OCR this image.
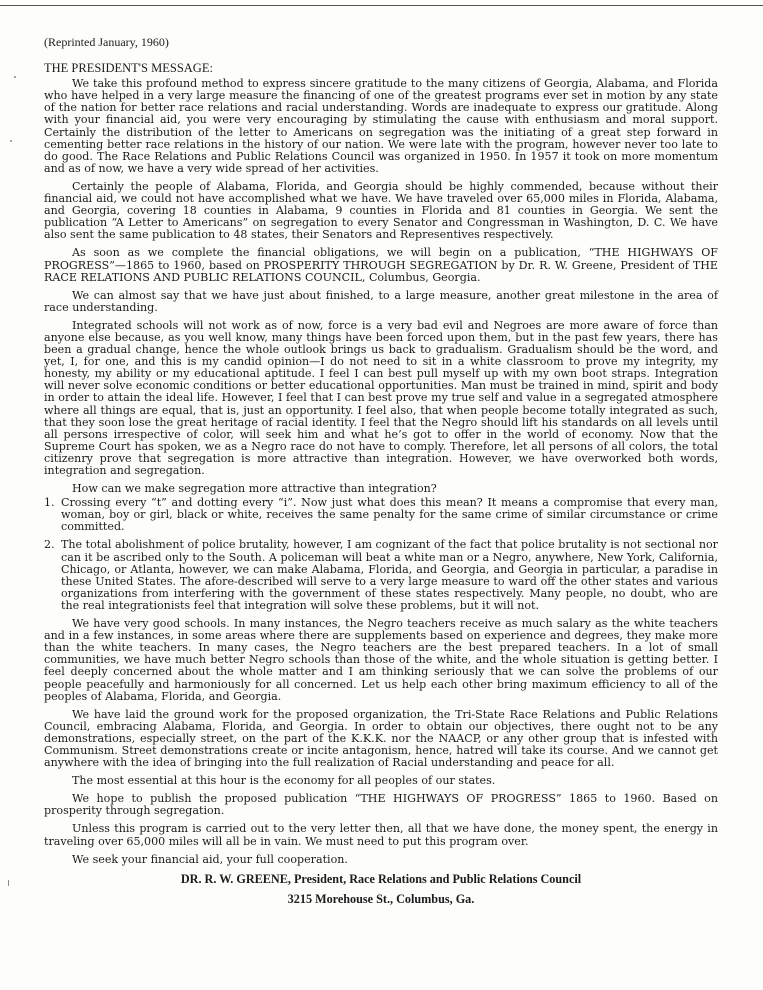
(Reprinted January, 1960)
THE PRESIDENT'S MESSAGE:

We take this profound method to express sincere gratitude to the many citizens of Georgia, Alabama, and Florida who have helped in a very large measure the financing of one of the greatest programs ever set in motion by any state of the nation for better race relations and racial understanding. Words are inadequate to express our gratitude. Along with your financial aid, you were very encouraging by stimulating the cause with enthusiasm and moral support. Certainly the distribution of the letter to Americans on segregation was the initiating of a great step forward in cementing better race relations in the history of our nation. We were late with the program, however never too late to do good. The Race Relations and Public Relations Council was organized in 1950. In 1957 it took on more momentum and as of now, we have a very wide spread of her activities.

Certainly the people of Alabama, Florida, and Georgia should be highly commended, because without their financial aid, we could not have accomplished what we have. We have traveled over 65,000 miles in Florida, Alabama, and Georgia, covering 18 counties in Alabama, 9 counties in Florida and 81 counties in Georgia. We sent the publication “A Letter to Americans” on segregation to every Senator and Congressman in Washington, D. C. We have also sent the same publication to 48 states, their Senators and Representives respectively.

As soon as we complete the financial obligations, we will begin on a publication, “THE HIGHWAYS OF PROGRESS”—1865 to 1960, based on PROSPERITY THROUGH SEGREGATION by Dr. R. W. Greene, President of THE RACE RELATIONS AND PUBLIC RELATIONS COUNCIL, Columbus, Georgia.

We can almost say that we have just about finished, to a large measure, another great milestone in the area of race understanding.

Integrated schools will not work as of now, force is a very bad evil and Negroes are more aware of force than anyone else because, as you well know, many things have been forced upon them, but in the past few years, there has been a gradual change, hence the whole outlook brings us back to gradualism. Gradualism should be the word, and yet, I, for one, and this is my candid opinion—I do not need to sit in a white classroom to prove my integrity, my honesty, my ability or my educational aptitude. I feel I can best pull myself up with my own boot straps. Integration will never solve economic conditions or better educational opportunities. Man must be trained in mind, spirit and body in order to attain the ideal life. However, I feel that I can best prove my true self and value in a segregated atmosphere where all things are equal, that is, just an opportunity. I feel also, that when people become totally integrated as such, that they soon lose the great heritage of racial identity. I feel that the Negro should lift his standards on all levels until all persons irrespective of color, will seek him and what he’s got to offer in the world of economy. Now that the Supreme Court has spoken, we as a Negro race do not have to comply. Therefore, let all persons of all colors, the total citizenry prove that segregation is more attractive than integration. However, we have overworked both words, integration and segregation.

How can we make segregation more attractive than integration?

1. Crossing every “t” and dotting every “i”. Now just what does this mean? It means a compromise that every man, woman, boy or girl, black or white, receives the same penalty for the same crime of similar circumstance or crime committed.
2. The total abolishment of police brutality, however, I am cognizant of the fact that police brutality is not sectional nor can it be ascribed only to the South. A policeman will beat a white man or a Negro, anywhere, New York, California, Chicago, or Atlanta, however, we can make Alabama, Florida, and Georgia, and Georgia in particular, a paradise in these United States. The afore-described will serve to a very large measure to ward off the other states and various organizations from interfering with the government of these states respectively. Many people, no doubt, who are the real integrationists feel that integration will solve these problems, but it will not.

We have very good schools. In many instances, the Negro teachers receive as much salary as the white teachers and in a few instances, in some areas where there are supplements based on experience and degrees, they make more than the white teachers. In many cases, the Negro teachers are the best prepared teachers. In a lot of small communities, we have much better Negro schools than those of the white, and the whole situation is getting better. I feel deeply concerned about the whole matter and I am thinking seriously that we can solve the problems of our people peacefully and harmoniously for all concerned. Let us help each other bring maximum efficiency to all of the peoples of Alabama, Florida, and Georgia.

We have laid the ground work for the proposed organization, the Tri-State Race Relations and Public Relations Council, embracing Alabama, Florida, and Georgia. In order to obtain our objectives, there ought not to be any demonstrations, especially street, on the part of the K.K.K. nor the NAACP, or any other group that is infested with Communism. Street demonstrations create or incite antagonism, hence, hatred will take its course. And we cannot get anywhere with the idea of bringing into the full realization of Racial understanding and peace for all.

The most essential at this hour is the economy for all peoples of our states.

We hope to publish the proposed publication “THE HIGHWAYS OF PROGRESS” 1865 to 1960. Based on prosperity through segregation.

Unless this program is carried out to the very letter then, all that we have done, the money spent, the energy in traveling over 65,000 miles will all be in vain. We must need to put this program over.

We seek your financial aid, your full cooperation.

DR. R. W. GREENE, President, Race Relations and Public Relations Council
3215 Morehouse St., Columbus, Ga.
